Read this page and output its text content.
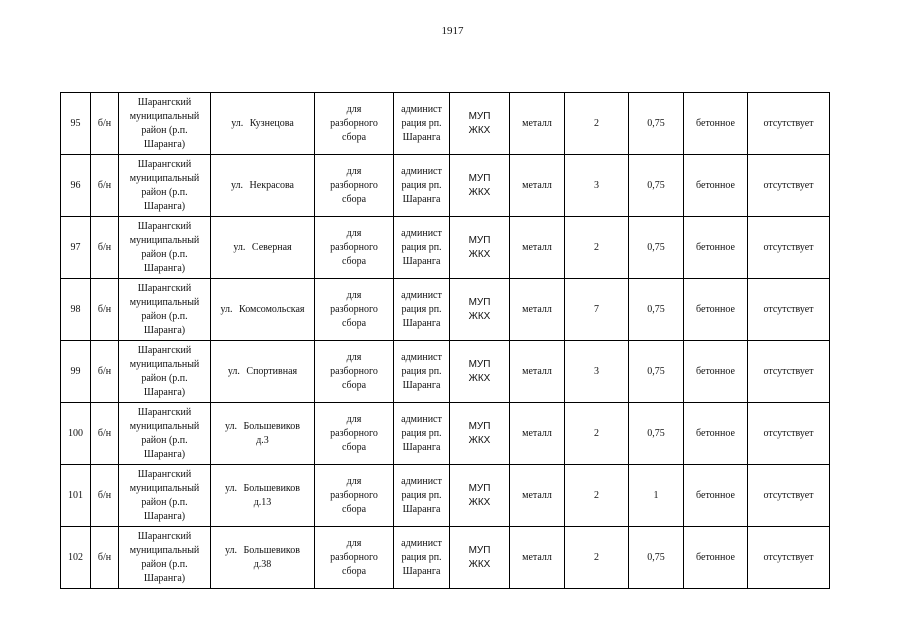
1917
95	б/н	Шарангский
муниципальный
район (р.п.
Шаранга)	ул. Кузнецова	для
разборного
сбора	админист
рация рп.
Шаранга	МУП
ЖКХ	металл	2	0,75	бетонное	отсутствует
96	б/н	Шарангский
муниципальный
район (р.п.
Шаранга)	ул. Некрасова	для
разборного
сбора	админист
рация рп.
Шаранга	МУП
ЖКХ	металл	3	0,75	бетонное	отсутствует
97	б/н	Шарангский
муниципальный
район (р.п.
Шаранга)	ул. Северная	для
разборного
сбора	админист
рация рп.
Шаранга	МУП
ЖКХ	металл	2	0,75	бетонное	отсутствует
98	б/н	Шарангский
муниципальный
район (р.п.
Шаранга)	ул. Комсомольская	для
разборного
сбора	админист
рация рп.
Шаранга	МУП
ЖКХ	металл	7	0,75	бетонное	отсутствует
99	б/н	Шарангский
муниципальный
район (р.п.
Шаранга)	ул. Спортивная	для
разборного
сбора	админист
рация рп.
Шаранга	МУП
ЖКХ	металл	3	0,75	бетонное	отсутствует
100	б/н	Шарангский
муниципальный
район (р.п.
Шаранга)	ул. Большевиков
д.3	для
разборного
сбора	админист
рация рп.
Шаранга	МУП
ЖКХ	металл	2	0,75	бетонное	отсутствует
101	б/н	Шарангский
муниципальный
район (р.п.
Шаранга)	ул. Большевиков
д.13	для
разборного
сбора	админист
рация рп.
Шаранга	МУП
ЖКХ	металл	2	1	бетонное	отсутствует
102	б/н	Шарангский
муниципальный
район (р.п.
Шаранга)	ул. Большевиков
д.38	для
разборного
сбора	админист
рация рп.
Шаранга	МУП
ЖКХ	металл	2	0,75	бетонное	отсутствует
